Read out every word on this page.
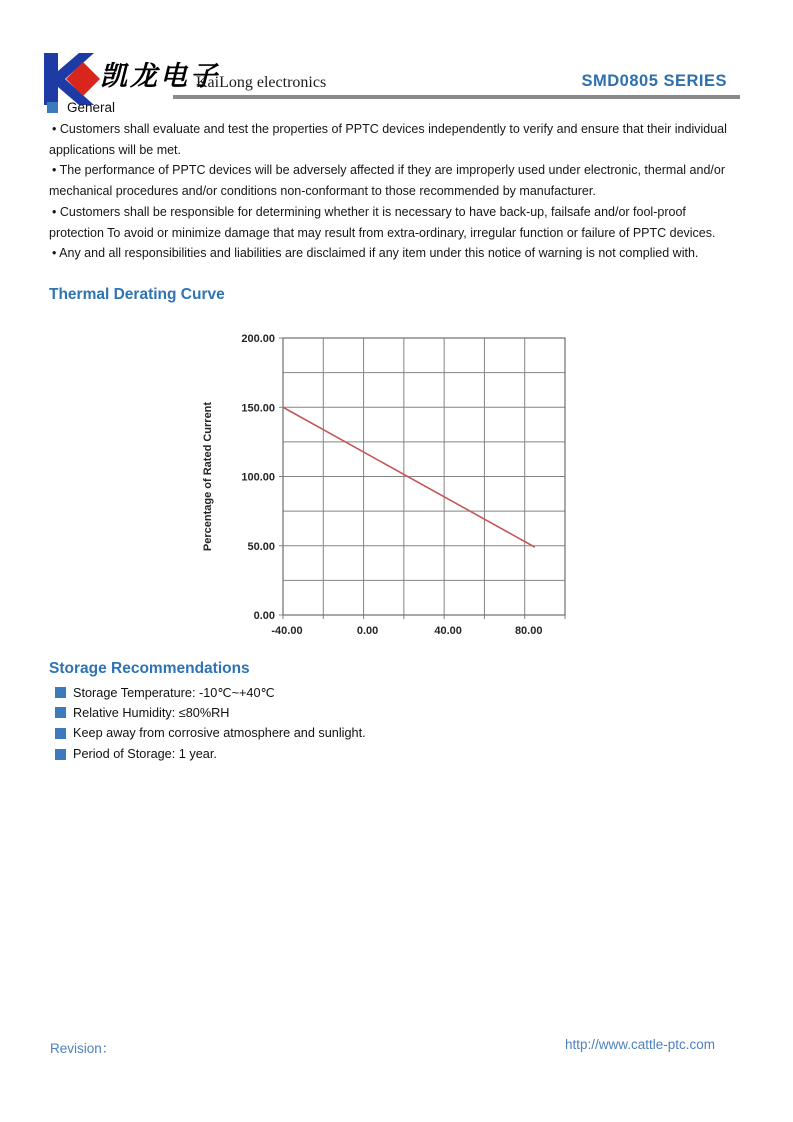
凯龙电子
KaiLong electronics	SMD0805 SERIES
General

• Customers shall evaluate and test the properties of PPTC devices independently to verify and ensure that their individual applications will be met.

• The performance of PPTC devices will be adversely affected if they are improperly used under electronic, thermal and/or mechanical procedures and/or conditions non-conformant to those recommended by manufacturer.

• Customers shall be responsible for determining whether it is necessary to have back-up, failsafe and/or fool-proof protection To avoid or minimize damage that may result from extra-ordinary, irregular function or failure of PPTC devices.

• Any and all responsibilities and liabilities are disclaimed if any item under this notice of warning is not complied with.

Thermal Derating Curve
0.00
50.00
100.00
150.00
200.00
-40.00	0.00	40.00	80.00
Percentage of Rated Current
Storage Recommendations
Storage Temperature: -10℃~+40℃
Relative Humidity: ≤80%RH
Keep away from corrosive atmosphere and sunlight.
Period of Storage: 1 year.
Revision：	http://www.cattle-ptc.com
